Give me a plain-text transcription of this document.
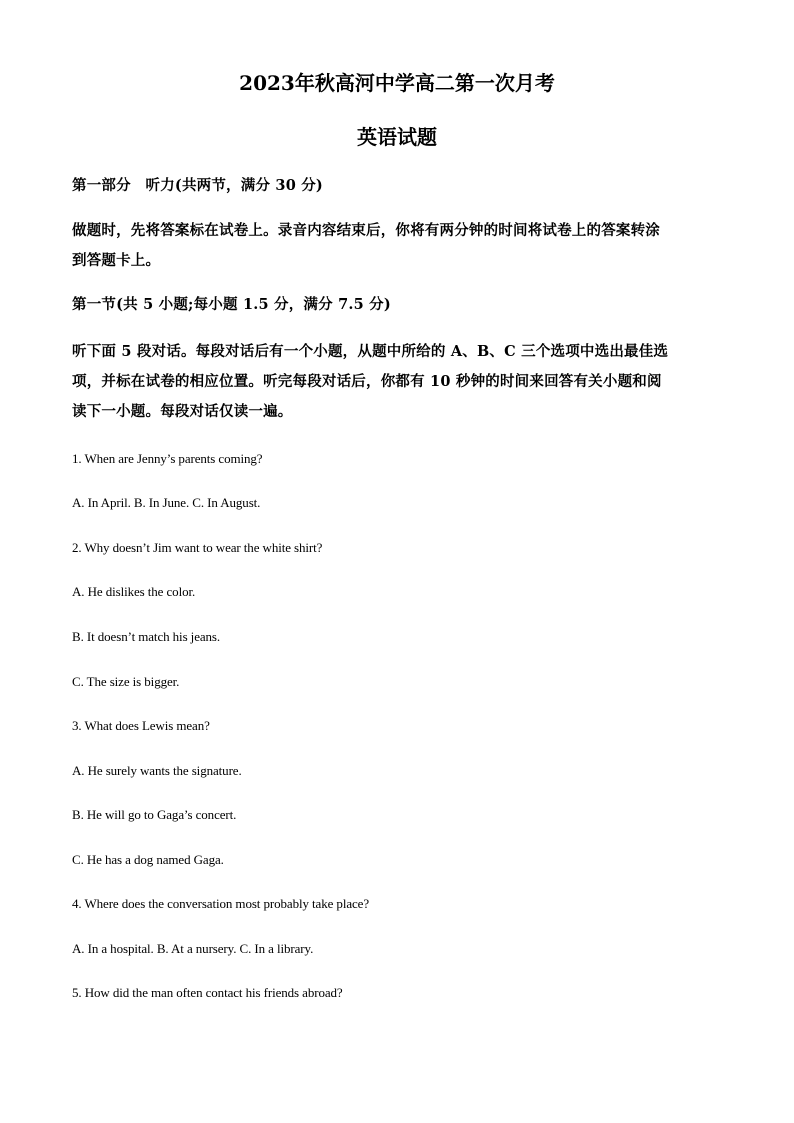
2023年秋高河中学高二第一次月考
英语试题

第一部分　听力(共两节，满分 30 分)

做题时，先将答案标在试卷上。录音内容结束后，你将有两分钟的时间将试卷上的答案转涂

到答题卡上。

第一节(共 5 小题;每小题 1.5 分，满分 7.5 分)

听下面 5 段对话。每段对话后有一个小题，从题中所给的 A、B、C 三个选项中选出最佳选

项，并标在试卷的相应位置。听完每段对话后，你都有 10 秒钟的时间来回答有关小题和阅

读下一小题。每段对话仅读一遍。

1. When are Jenny’s parents coming?

A. In April. B. In June. C. In August.

2. Why doesn’t Jim want to wear the white shirt?

A. He dislikes the color.

B. It doesn’t match his jeans.

C. The size is bigger.

3. What does Lewis mean?

A. He surely wants the signature.

B. He will go to Gaga’s concert.

C. He has a dog named Gaga.

4. Where does the conversation most probably take place?

A. In a hospital. B. At a nursery. C. In a library.

5. How did the man often contact his friends abroad?
